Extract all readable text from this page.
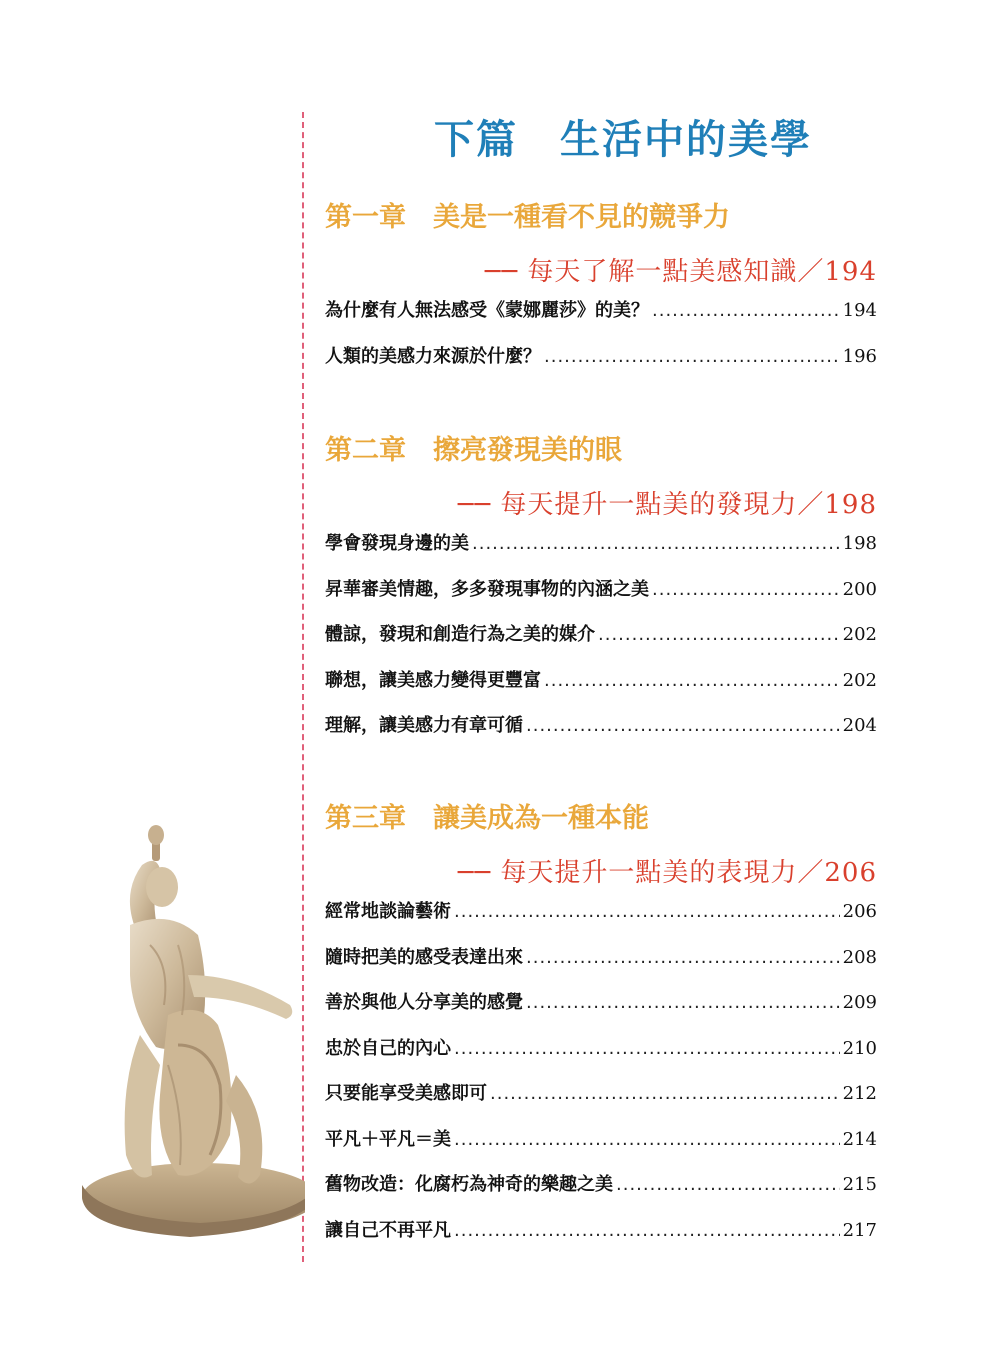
下篇　生活中的美學
第一章　美是一種看不見的競爭力
── 每天了解一點美感知識／194
為什麼有人無法感受《蒙娜麗莎》的美？ .....	194
人類的美感力來源於什麼？ .....	196
第二章　擦亮發現美的眼
── 每天提升一點美的發現力／198
學會發現身邊的美 .....	198
昇華審美情趣，多多發現事物的內涵之美 .....	200
體諒，發現和創造行為之美的媒介 .....	202
聯想，讓美感力變得更豐富 .....	202
理解，讓美感力有章可循 .....	204
第三章　讓美成為一種本能
── 每天提升一點美的表現力／206
經常地談論藝術 .....	206
隨時把美的感受表達出來 .....	208
善於與他人分享美的感覺 .....	209
忠於自己的內心 .....	210
只要能享受美感即可 .....	212
平凡＋平凡＝美 .....	214
舊物改造：化腐朽為神奇的樂趣之美 .....	215
讓自己不再平凡 .....	217
